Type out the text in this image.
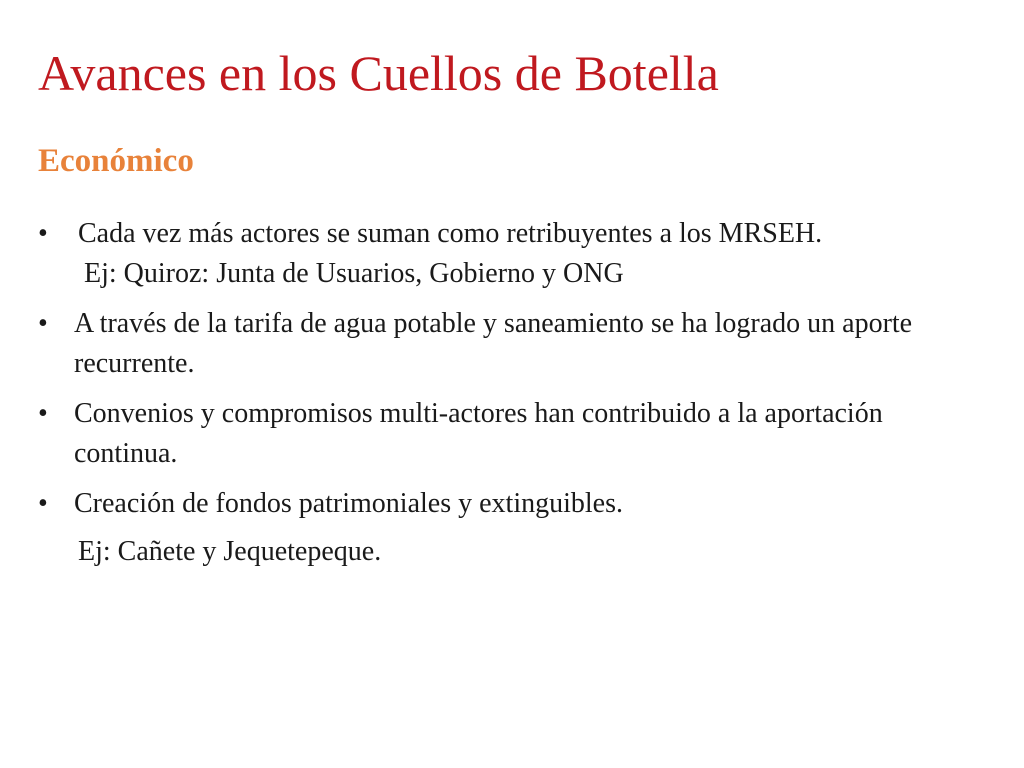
Avances en los Cuellos de Botella
Económico
•	Cada vez más actores se suman como retribuyentes a los MRSEH.
Ej: Quiroz: Junta de Usuarios, Gobierno y ONG
• A través de la tarifa de agua potable y saneamiento se ha logrado un aporte recurrente.
• Convenios y compromisos multi-actores han contribuido a la aportación continua.
• Creación de fondos patrimoniales y extinguibles.
Ej: Cañete y Jequetepeque.
